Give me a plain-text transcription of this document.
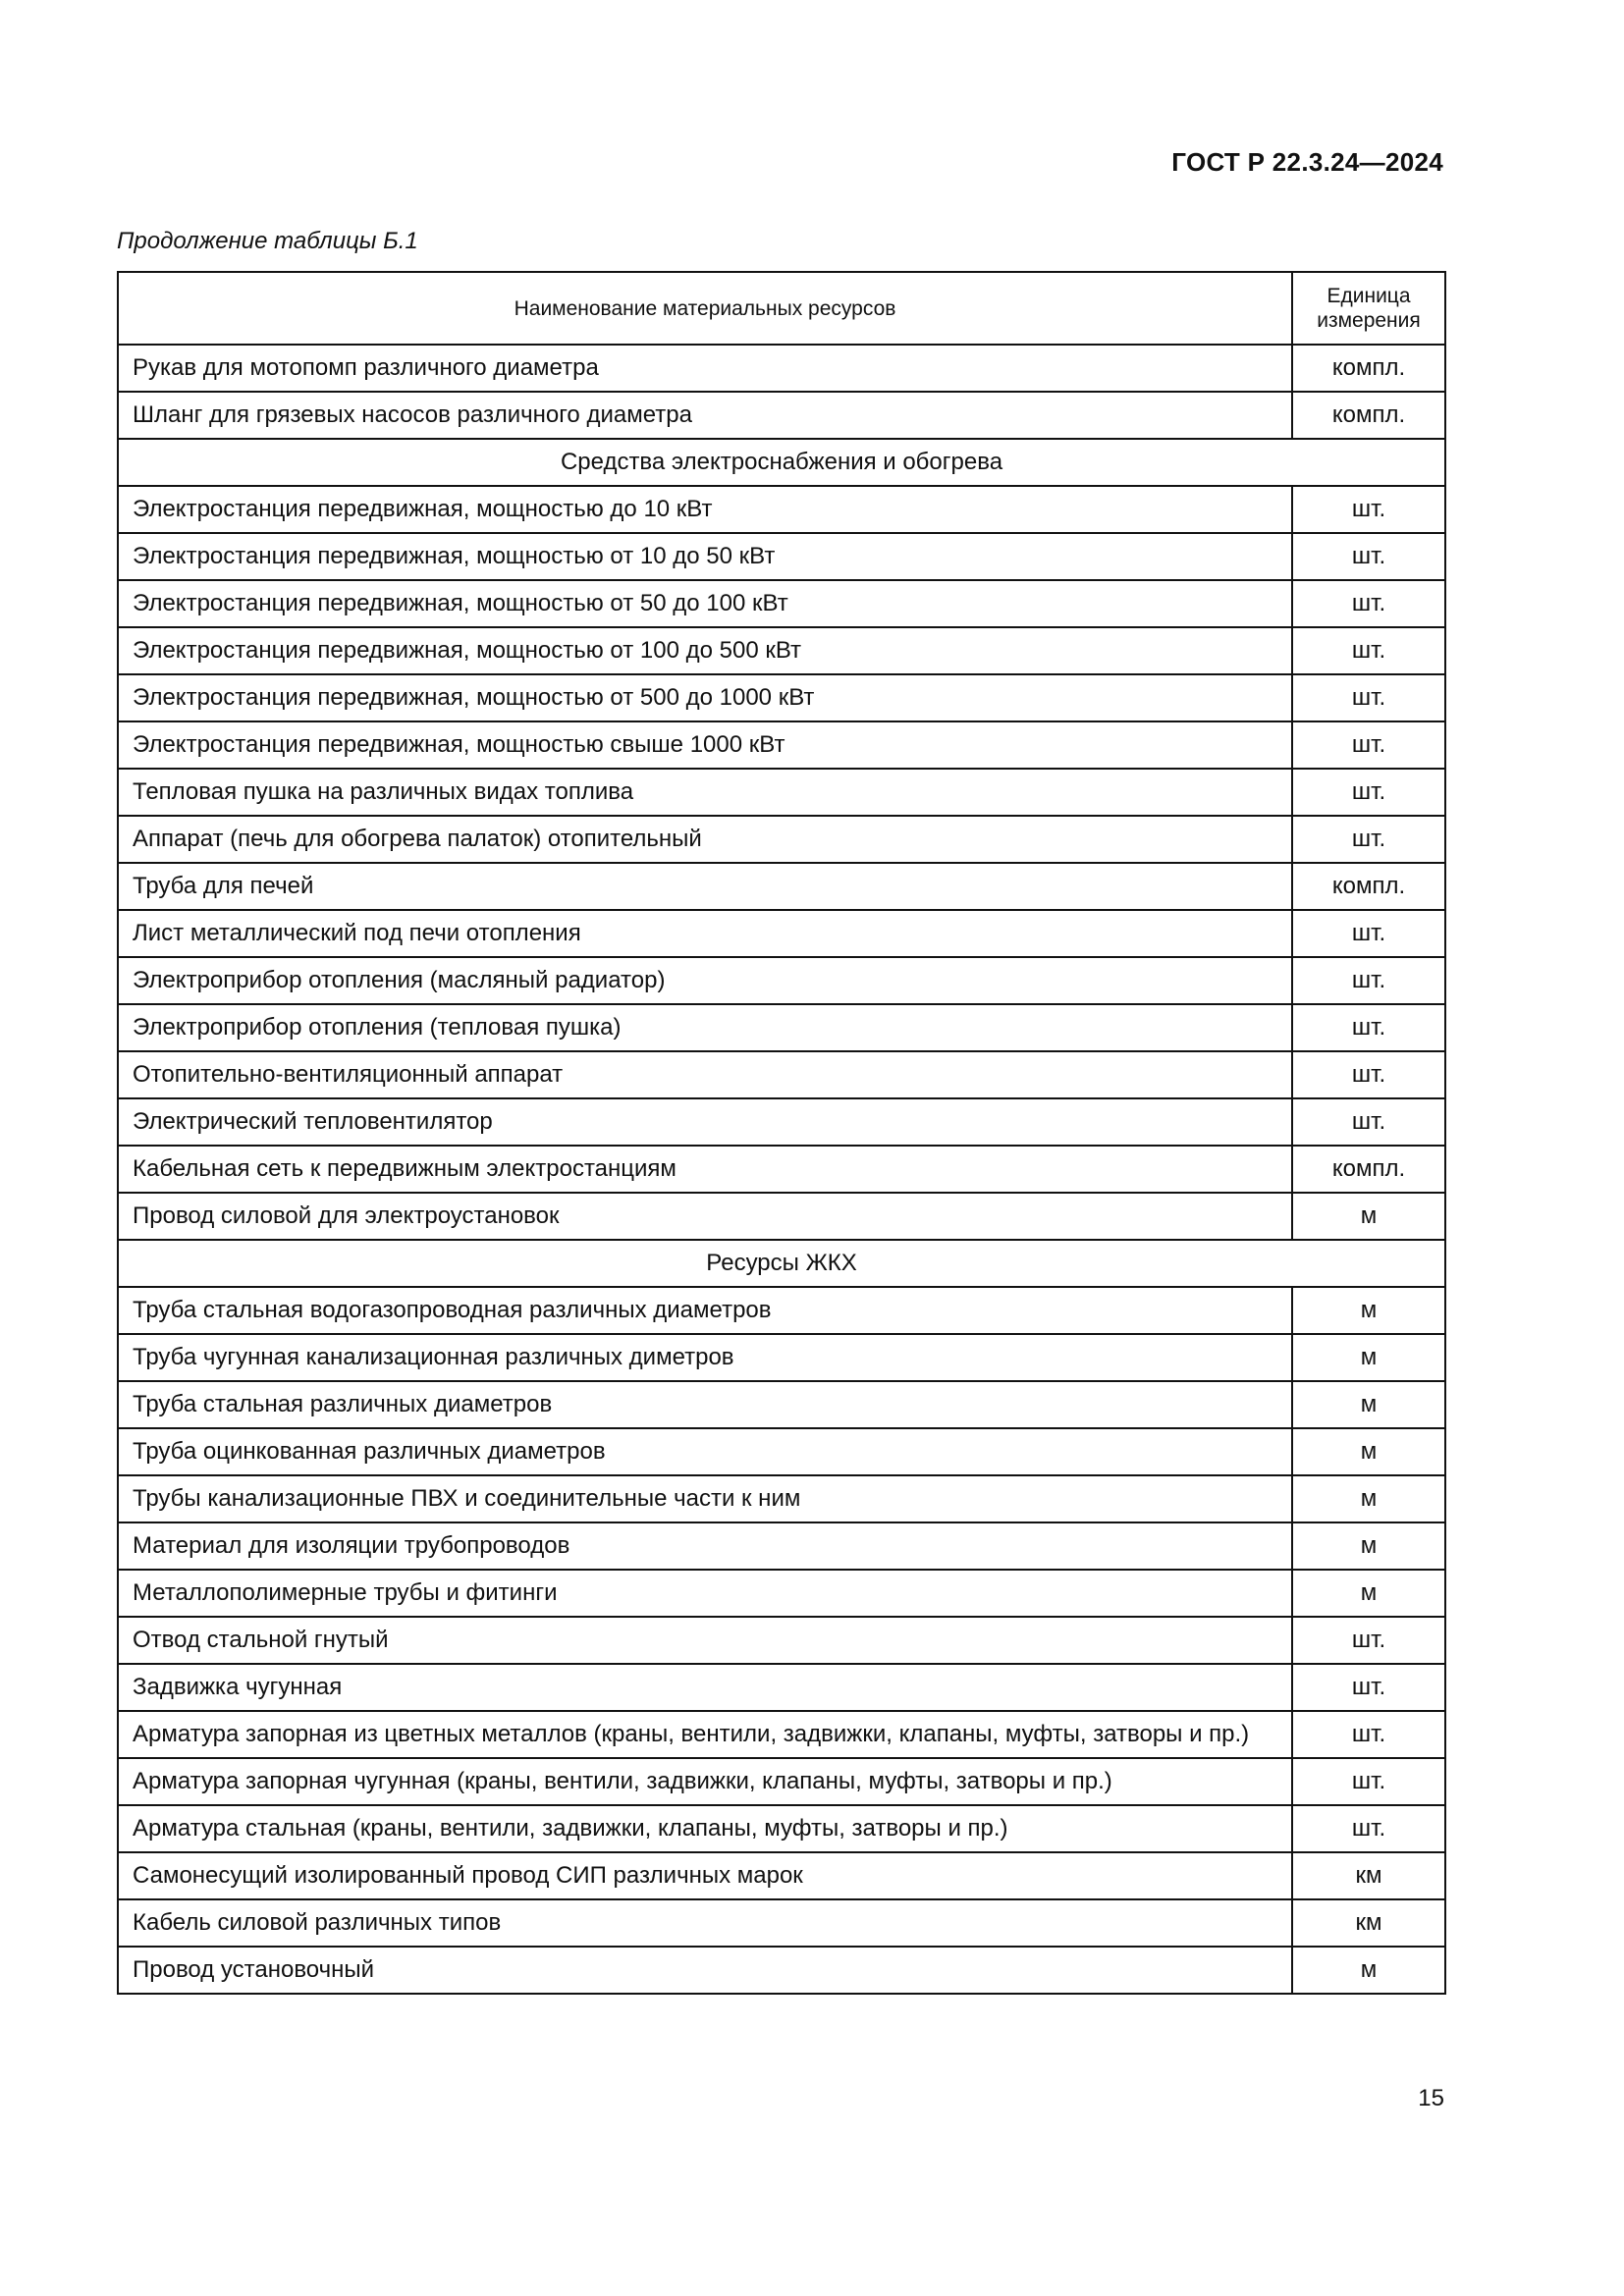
ГОСТ Р 22.3.24—2024
Продолжение таблицы Б.1
Наименование материальных ресурсов	Единица
измерения

Рукав для мотопомп различного диаметра	компл.
Шланг для грязевых насосов различного диаметра	компл.
Средства электроснабжения и обогрева	
Электростанция передвижная, мощностью до 10 кВт	шт.
Электростанция передвижная, мощностью от 10 до 50 кВт	шт.
Электростанция передвижная, мощностью от 50 до 100 кВт	шт.
Электростанция передвижная, мощностью от 100 до 500 кВт	шт.
Электростанция передвижная, мощностью от 500 до 1000 кВт	шт.
Электростанция передвижная, мощностью свыше 1000 кВт	шт.
Тепловая пушка на различных видах топлива	шт.
Аппарат (печь для обогрева палаток) отопительный	шт.
Труба для печей	компл.
Лист металлический под печи отопления	шт.
Электроприбор отопления (масляный радиатор)	шт.
Электроприбор отопления (тепловая пушка)	шт.
Отопительно-вентиляционный аппарат	шт.
Электрический тепловентилятор	шт.
Кабельная сеть к передвижным электростанциям	компл.
Провод силовой для электроустановок	м
Ресурсы ЖКХ	
Труба стальная водогазопроводная различных диаметров	м
Труба чугунная канализационная различных диметров	м
Труба стальная различных диаметров	м
Труба оцинкованная различных диаметров	м
Трубы канализационные ПВХ и соединительные части к ним	м
Материал для изоляции трубопроводов	м
Металлополимерные трубы и фитинги	м
Отвод стальной гнутый	шт.
Задвижка чугунная	шт.
Арматура запорная из цветных металлов (краны, вентили, задвижки, клапаны, муфты, затворы и пр.)	шт.
Арматура запорная чугунная (краны, вентили, задвижки, клапаны, муфты, затворы и пр.)	шт.
Арматура стальная (краны, вентили, задвижки, клапаны, муфты, затворы и пр.)	шт.
Самонесущий изолированный провод СИП различных марок	км
Кабель силовой различных типов	км
Провод установочный	м
15
